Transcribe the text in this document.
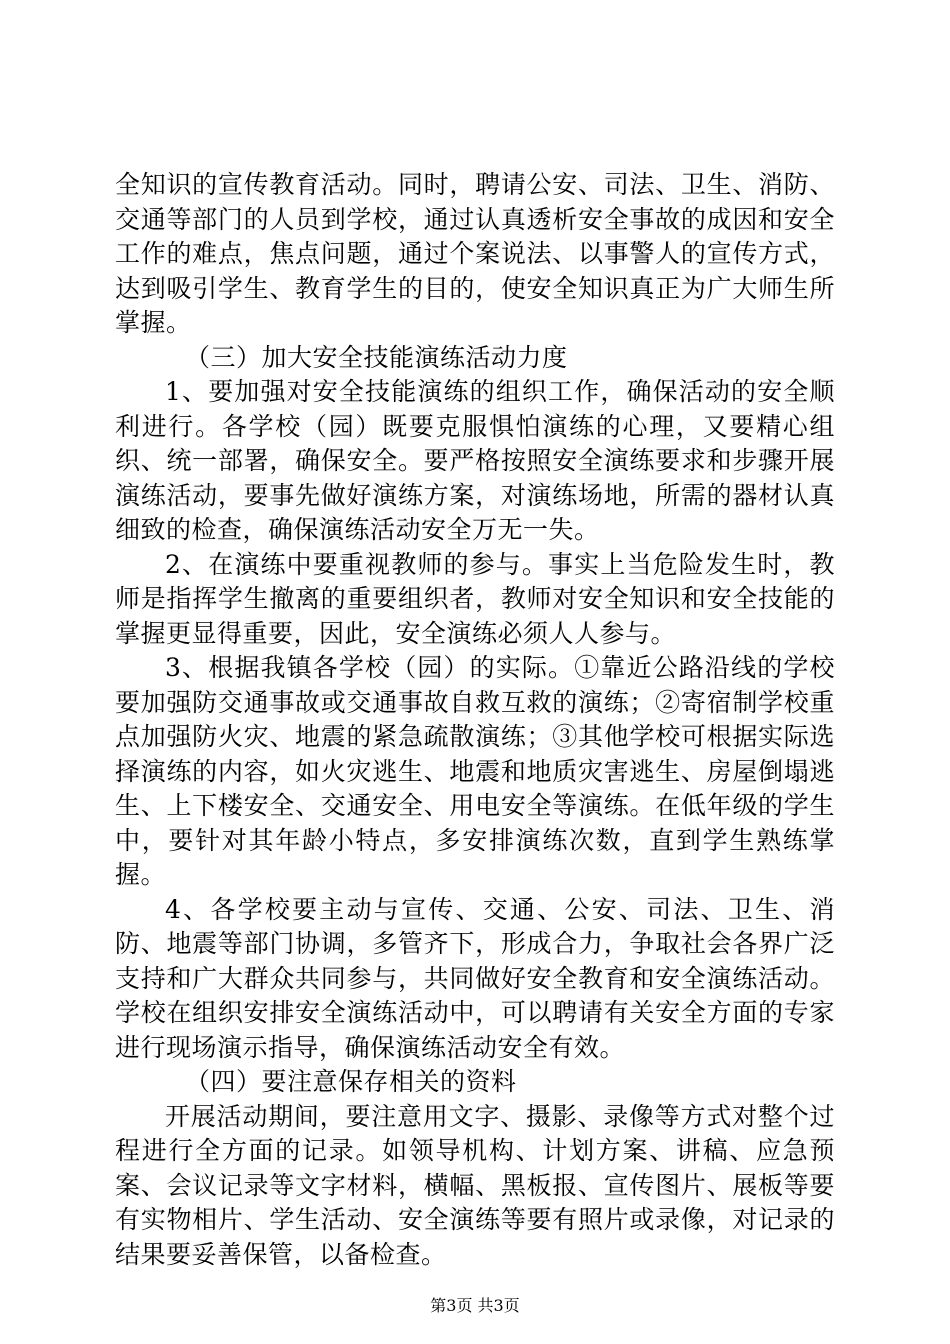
全知识的宣传教育活动。同时，聘请公安、司法、卫生、消防、交通等部门的人员到学校，通过认真透析安全事故的成因和安全工作的难点，焦点问题，通过个案说法、以事警人的宣传方式，达到吸引学生、教育学生的目的，使安全知识真正为广大师生所掌握。

（三）加大安全技能演练活动力度

1、要加强对安全技能演练的组织工作，确保活动的安全顺利进行。各学校（园）既要克服惧怕演练的心理，又要精心组织、统一部署，确保安全。要严格按照安全演练要求和步骤开展演练活动，要事先做好演练方案，对演练场地，所需的器材认真细致的检查，确保演练活动安全万无一失。

2、在演练中要重视教师的参与。事实上当危险发生时，教师是指挥学生撤离的重要组织者，教师对安全知识和安全技能的掌握更显得重要，因此，安全演练必须人人参与。

3、根据我镇各学校（园）的实际。①靠近公路沿线的学校要加强防交通事故或交通事故自救互救的演练；②寄宿制学校重点加强防火灾、地震的紧急疏散演练；③其他学校可根据实际选择演练的内容，如火灾逃生、地震和地质灾害逃生、房屋倒塌逃生、上下楼安全、交通安全、用电安全等演练。在低年级的学生中，要针对其年龄小特点，多安排演练次数，直到学生熟练掌握。

4、各学校要主动与宣传、交通、公安、司法、卫生、消防、地震等部门协调，多管齐下，形成合力，争取社会各界广泛支持和广大群众共同参与，共同做好安全教育和安全演练活动。学校在组织安排安全演练活动中，可以聘请有关安全方面的专家进行现场演示指导，确保演练活动安全有效。

（四）要注意保存相关的资料

开展活动期间，要注意用文字、摄影、录像等方式对整个过程进行全方面的记录。如领导机构、计划方案、讲稿、应急预案、会议记录等文字材料，横幅、黑板报、宣传图片、展板等要有实物相片、学生活动、安全演练等要有照片或录像，对记录的结果要妥善保管，以备检查。

第3页 共3页
